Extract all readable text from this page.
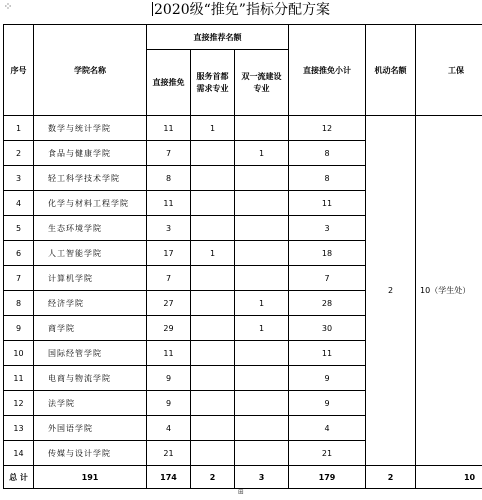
⁘	2020级“推免”指标分配方案
序号	学院名称	直接推荐名额			直接推免小计	机动名额	工保
		直接推免	服务首都需求专业	双一流建设专业			

1	数学与统计学院	11	1		12	2	10（学生处）
2	食品与健康学院	7		1	8		
3	轻工科学技术学院	8			8		
4	化学与材料工程学院	11			11		
5	生态环境学院	3			3		
6	人工智能学院	17	1		18		
7	计算机学院	7			7		
8	经济学院	27		1	28		
9	商学院	29		1	30		
10	国际经管学院	11			11		
11	电商与物流学院	9			9		
12	法学院	9			9		
13	外国语学院	4			4		
14	传媒与设计学院	21			21		
总 计	191	174	2	3	179	2	10
⊞
